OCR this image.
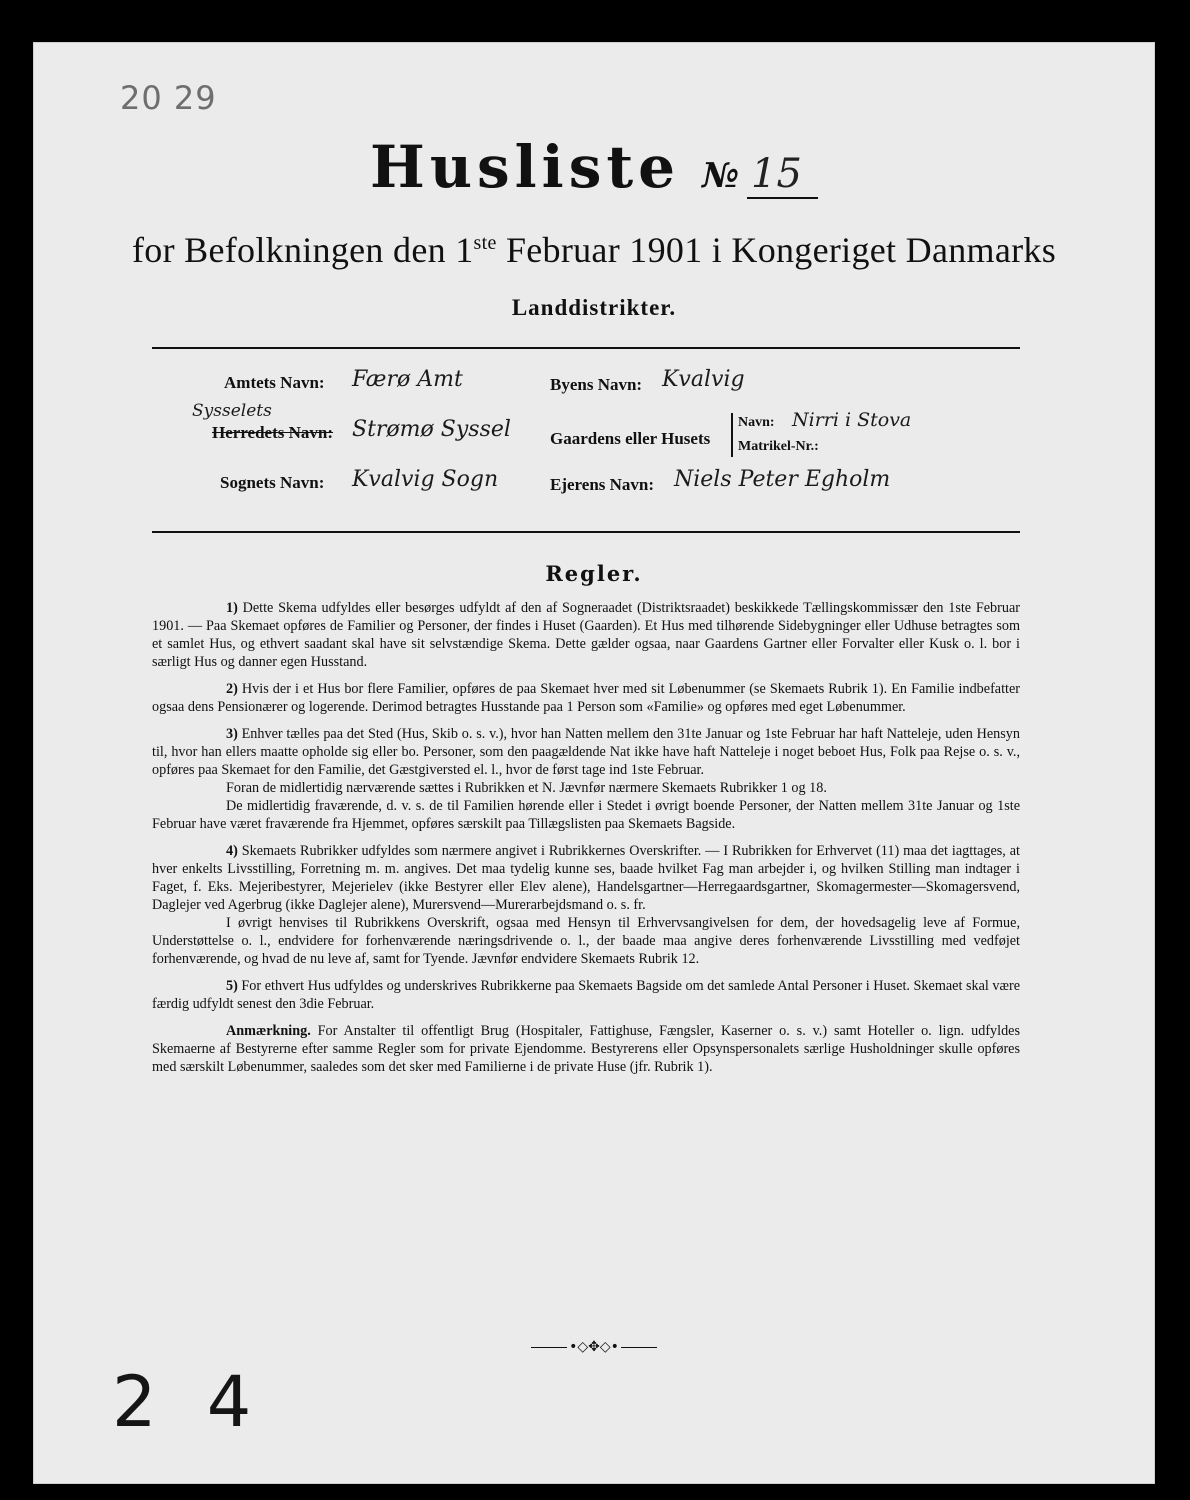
20 29
Husliste № 15
for Befolkningen den 1ste Februar 1901 i Kongeriget Danmarks
Landdistrikter.
Amtets Navn: Færø Amt
Sysselets
Herredets Navn: Strømø Syssel
Sognets Navn: Kvalvig Sogn
Byens Navn: Kvalvig
Gaardens eller Husets
Navn: Nirri i Stova
Matrikel-Nr.:
Ejerens Navn: Niels Peter Egholm
Regler.

1) Dette Skema udfyldes eller besørges udfyldt af den af Sogneraadet (Distriktsraadet) beskikkede Tællingskommissær den 1ste Februar 1901. — Paa Skemaet opføres de Familier og Personer, der findes i Huset (Gaarden). Et Hus med tilhørende Sidebygninger eller Udhuse betragtes som et samlet Hus, og ethvert saadant skal have sit selvstændige Skema. Dette gælder ogsaa, naar Gaardens Gartner eller Forvalter eller Kusk o. l. bor i særligt Hus og danner egen Husstand.

2) Hvis der i et Hus bor flere Familier, opføres de paa Skemaet hver med sit Løbenummer (se Skemaets Rubrik 1). En Familie indbefatter ogsaa dens Pensionærer og logerende. Derimod betragtes Husstande paa 1 Person som «Familie» og opføres med eget Løbenummer.

3) Enhver tælles paa det Sted (Hus, Skib o. s. v.), hvor han Natten mellem den 31te Januar og 1ste Februar har haft Natteleje, uden Hensyn til, hvor han ellers maatte opholde sig eller bo. Personer, som den paagældende Nat ikke have haft Natteleje i noget beboet Hus, Folk paa Rejse o. s. v., opføres paa Skemaet for den Familie, det Gæstgiversted el. l., hvor de først tage ind 1ste Februar.

Foran de midlertidig nærværende sættes i Rubrikken et N. Jævnfør nærmere Skemaets Rubrikker 1 og 18.

De midlertidig fraværende, d. v. s. de til Familien hørende eller i Stedet i øvrigt boende Personer, der Natten mellem 31te Januar og 1ste Februar have været fraværende fra Hjemmet, opføres særskilt paa Tillægslisten paa Skemaets Bagside.

4) Skemaets Rubrikker udfyldes som nærmere angivet i Rubrikkernes Overskrifter. — I Rubrikken for Erhvervet (11) maa det iagttages, at hver enkelts Livsstilling, Forretning m. m. angives. Det maa tydelig kunne ses, baade hvilket Fag man arbejder i, og hvilken Stilling man indtager i Faget, f. Eks. Mejeribestyrer, Mejerielev (ikke Bestyrer eller Elev alene), Handelsgartner—Herregaardsgartner, Skomagermester—Skomagersvend, Daglejer ved Agerbrug (ikke Daglejer alene), Murersvend—Murerarbejdsmand o. s. fr.

I øvrigt henvises til Rubrikkens Overskrift, ogsaa med Hensyn til Erhvervsangivelsen for dem, der hovedsagelig leve af Formue, Understøttelse o. l., endvidere for forhenværende næringsdrivende o. l., der baade maa angive deres forhenværende Livsstilling med vedføjet forhenværende, og hvad de nu leve af, samt for Tyende. Jævnfør endvidere Skemaets Rubrik 12.

5) For ethvert Hus udfyldes og underskrives Rubrikkerne paa Skemaets Bagside om det samlede Antal Personer i Huset. Skemaet skal være færdig udfyldt senest den 3die Februar.

Anmærkning. For Anstalter til offentligt Brug (Hospitaler, Fattighuse, Fængsler, Kaserner o. s. v.) samt Hoteller o. lign. udfyldes Skemaerne af Bestyrerne efter samme Regler som for private Ejendomme. Bestyrerens eller Opsynspersonalets særlige Husholdninger skulle opføres med særskilt Løbenummer, saaledes som det sker med Familierne i de private Huse (jfr. Rubrik 1).

•◇✥◇•
2 4
